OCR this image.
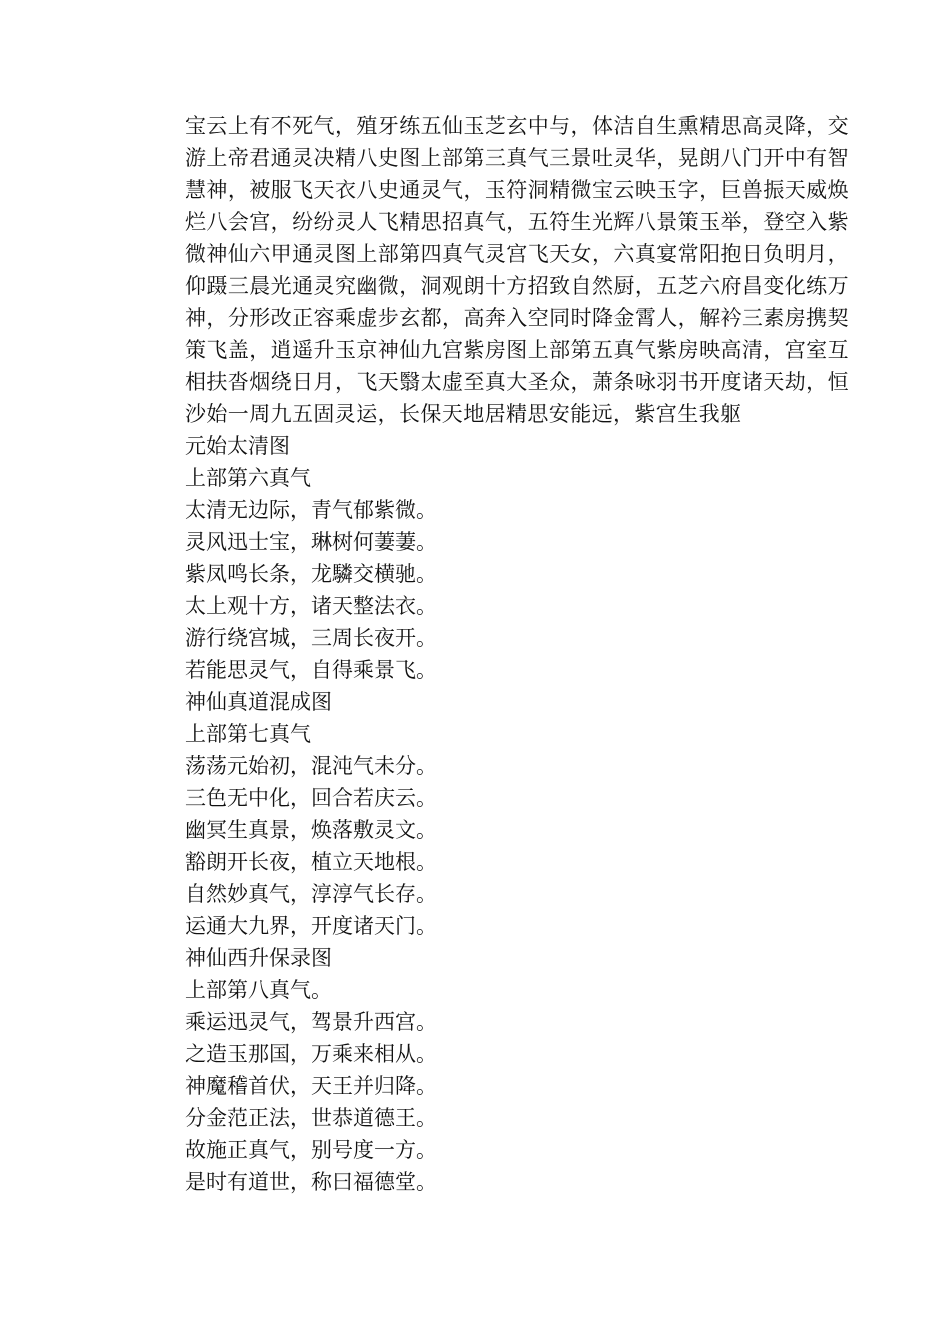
宝云上有不死气，殖牙练五仙玉芝玄中与，体洁自生熏精思高灵降，交游上帝君通灵决精八史图上部第三真气三景吐灵华，晃朗八门开中有智慧神，被服飞天衣八史通灵气，玉符洞精微宝云映玉字，巨兽振天威焕烂八会宫，纷纷灵人飞精思招真气，五符生光辉八景策玉举，登空入紫微神仙六甲通灵图上部第四真气灵宫飞天女，六真宴常阳抱日负明月，仰蹑三晨光通灵究幽微，洞观朗十方招致自然厨，五芝六府昌变化练万神，分形改正容乘虚步玄都，高奔入空同时降金霄人，解衿三素房携契策飞盖，逍遥升玉京神仙九宫紫房图上部第五真气紫房映高清，宫室互相扶沓烟绕日月，飞天翳太虚至真大圣众，萧条咏羽书开度诸天劫，恒沙始一周九五固灵运，长保天地居精思安能远，紫宫生我躯

元始太清图

上部第六真气

太清无边际，青气郁紫微。

灵风迅士宝，琳树何萋萋。

紫凤鸣长条，龙驎交横驰。

太上观十方，诸天整法衣。

游行绕宫城，三周长夜开。

若能思灵气，自得乘景飞。

神仙真道混成图

上部第七真气

荡荡元始初，混沌气未分。

三色无中化，回合若庆云。

幽冥生真景，焕落敷灵文。

豁朗开长夜，植立天地根。

自然妙真气，淳淳气长存。

运通大九界，开度诸天门。

神仙西升保录图

上部第八真气。

乘运迅灵气，驾景升西宫。

之造玉那国，万乘来相从。

神魔稽首伏，天王并归降。

分金范正法，世恭道德王。

故施正真气，别号度一方。

是时有道世，称曰福德堂。
